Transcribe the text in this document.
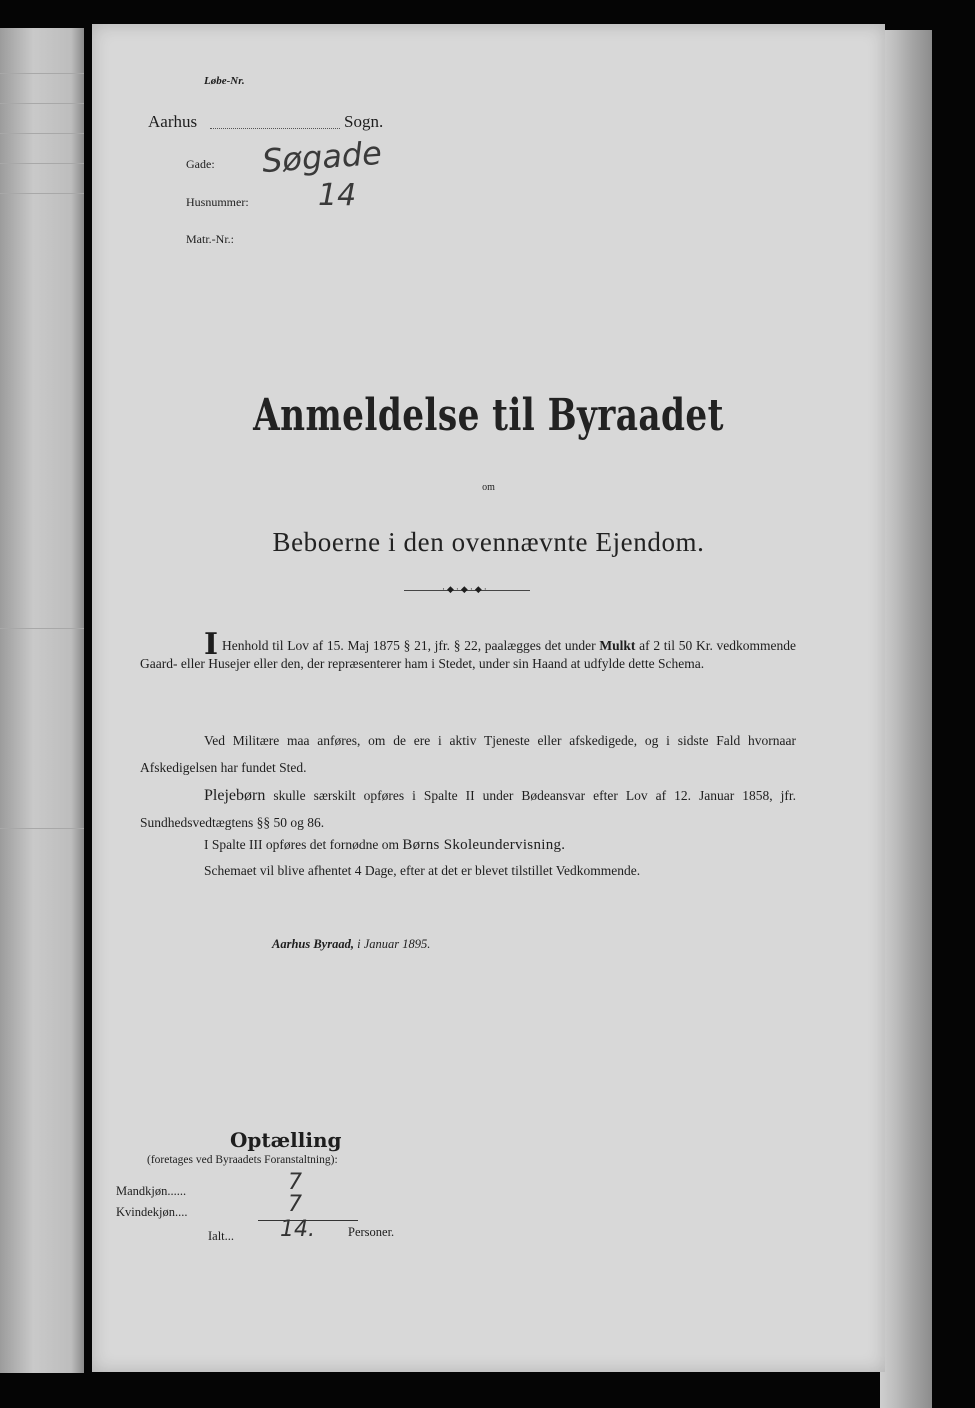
Løbe-Nr.
Aarhus	Sogn.
Gade: Søgade
Husnummer: 14
Matr.-Nr.:
Anmeldelse til Byraadet
om
Beboerne i den ovennævnte Ejendom.
·◆·◆·◆·
I Henhold til Lov af 15. Maj 1875 § 21, jfr. § 22, paalægges det under Mulkt af 2 til 50 Kr. vedkommende Gaard- eller Husejer eller den, der repræsenterer ham i Stedet, under sin Haand at udfylde dette Schema.
Ved Militære maa anføres, om de ere i aktiv Tjeneste eller afskedigede, og i sidste Fald hvornaar Afskedigelsen har fundet Sted.
Plejebørn skulle særskilt opføres i Spalte II under Bødeansvar efter Lov af 12. Januar 1858, jfr. Sundhedsvedtægtens §§ 50 og 86.
I Spalte III opføres det fornødne om Børns Skoleundervisning.
Schemaet vil blive afhentet 4 Dage, efter at det er blevet tilstillet Vedkommende.
Aarhus Byraad, i Januar 1895.
Optælling
(foretages ved Byraadets Foranstaltning):
Mandkjøn......	7
Kvindekjøn....	7
Ialt... 14.	Personer.
